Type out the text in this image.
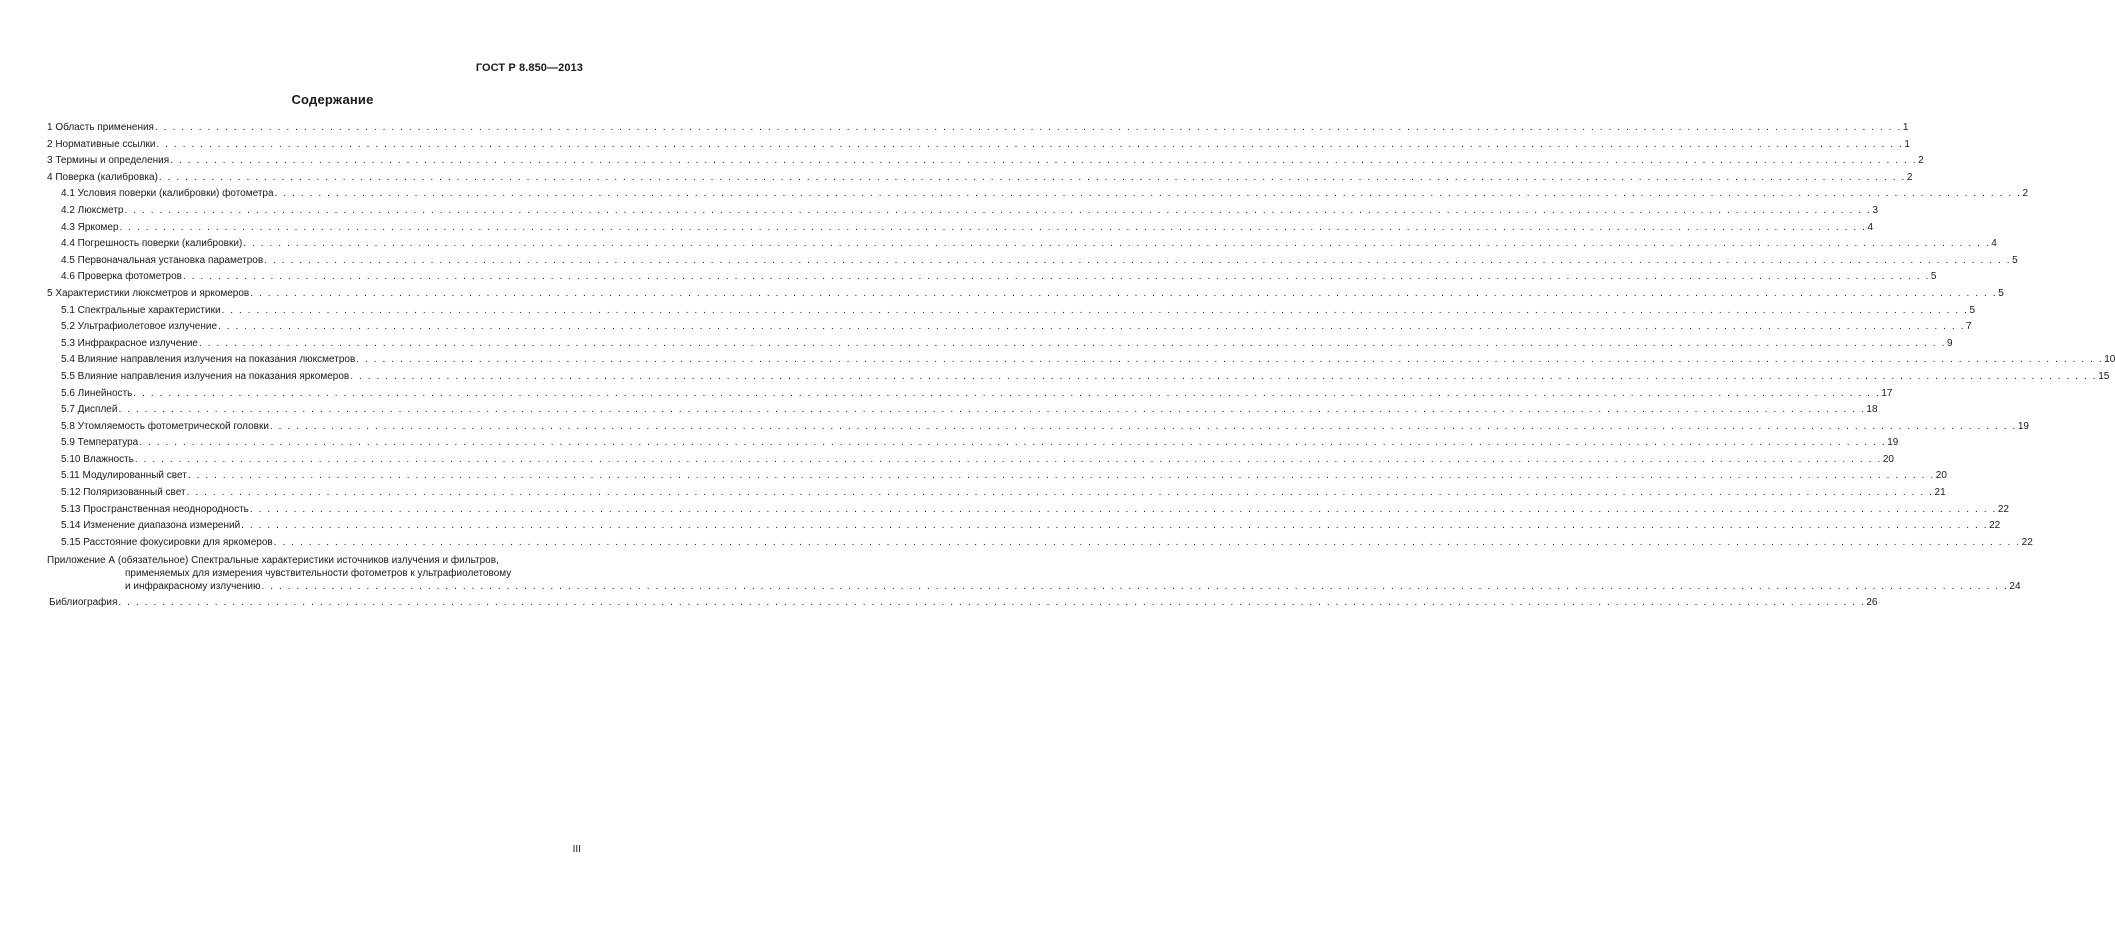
ГОСТ Р 8.850—2013
Содержание
1 Область применения . . . . . . . . . . . . . . . . . . . . . . . . . . . . . . . . . . . . . . . . . . . . . . . . . . . . . . . . . . . . . . . . . . . . . . . . . . . . . . . . . . . . . . . . . . . . . . . . . . . . . . . . . . . . . . . . . . . . . . . . . . . . . . . . . . . . . . . . . . . . . . . . . . . . . . . . . . . . . . . . . . . . . . . . . . . . . . . . . . . . . . . . . . . . . . . . . . . . . . . . 1
2 Нормативные ссылки . . . . . . . . . . . . . . . . . . . . . . . . . . . . . . . . . . . . . . . . . . . . . . . . . . . . . . . . . . . . . . . . . . . . . . . . . . . . . . . . . . . . . . . . . . . . . . . . . . . . . . . . . . . . . . . . . . . . . . . . . . . . . . . . . . . . . . . . . . . . . . . . . . . . . . . . . . . . . . . . . . . . . . . . . . . . . . . . . . . . . . . . . . . . . . . . . . . . . . . . 1
3 Термины и определения . . . . . . . . . . . . . . . . . . . . . . . . . . . . . . . . . . . . . . . . . . . . . . . . . . . . . . . . . . . . . . . . . . . . . . . . . . . . . . . . . . . . . . . . . . . . . . . . . . . . . . . . . . . . . . . . . . . . . . . . . . . . . . . . . . . . . . . . . . . . . . . . . . . . . . . . . . . . . . . . . . . . . . . . . . . . . . . . . . . . . . . . . . . . . . . . . . . . . . . . 2
4 Поверка (калибровка) . . . . . . . . . . . . . . . . . . . . . . . . . . . . . . . . . . . . . . . . . . . . . . . . . . . . . . . . . . . . . . . . . . . . . . . . . . . . . . . . . . . . . . . . . . . . . . . . . . . . . . . . . . . . . . . . . . . . . . . . . . . . . . . . . . . . . . . . . . . . . . . . . . . . . . . . . . . . . . . . . . . . . . . . . . . . . . . . . . . . . . . . . . . . . . . . . . . . . . . . 2
4.1 Условия поверки (калибровки) фотометра . . . . . . . . . . . . . . . . . . . . . . . . . . . . . . . . . . . . . . . . . . . . . . . . . . . . . . . . . . . . . . . . . . . . . . . . . . . . . . . . . . . . . . . . . . . . . . . . . . . . . . . . . . . . . . . . . . . . . . . . . . . . . . . . . . . . . . . . . . . . . . . . . . . . . . . . . . . . . . . . . . . . . . . . . . . . . . . . . . . . . . . . . . . . . . . . . . . . . . . . 2
4.2 Люксметр . . . . . . . . . . . . . . . . . . . . . . . . . . . . . . . . . . . . . . . . . . . . . . . . . . . . . . . . . . . . . . . . . . . . . . . . . . . . . . . . . . . . . . . . . . . . . . . . . . . . . . . . . . . . . . . . . . . . . . . . . . . . . . . . . . . . . . . . . . . . . . . . . . . . . . . . . . . . . . . . . . . . . . . . . . . . . . . . . . . . . . . . . . . . . . . . . . . . . . . . 3
4.3 Яркомер . . . . . . . . . . . . . . . . . . . . . . . . . . . . . . . . . . . . . . . . . . . . . . . . . . . . . . . . . . . . . . . . . . . . . . . . . . . . . . . . . . . . . . . . . . . . . . . . . . . . . . . . . . . . . . . . . . . . . . . . . . . . . . . . . . . . . . . . . . . . . . . . . . . . . . . . . . . . . . . . . . . . . . . . . . . . . . . . . . . . . . . . . . . . . . . . . . . . . . . . 4
4.4 Погрешность поверки (калибровки) . . . . . . . . . . . . . . . . . . . . . . . . . . . . . . . . . . . . . . . . . . . . . . . . . . . . . . . . . . . . . . . . . . . . . . . . . . . . . . . . . . . . . . . . . . . . . . . . . . . . . . . . . . . . . . . . . . . . . . . . . . . . . . . . . . . . . . . . . . . . . . . . . . . . . . . . . . . . . . . . . . . . . . . . . . . . . . . . . . . . . . . . . . . . . . . . . . . . . . . . 4
4.5 Первоначальная установка параметров . . . . . . . . . . . . . . . . . . . . . . . . . . . . . . . . . . . . . . . . . . . . . . . . . . . . . . . . . . . . . . . . . . . . . . . . . . . . . . . . . . . . . . . . . . . . . . . . . . . . . . . . . . . . . . . . . . . . . . . . . . . . . . . . . . . . . . . . . . . . . . . . . . . . . . . . . . . . . . . . . . . . . . . . . . . . . . . . . . . . . . . . . . . . . . . . . . . . . . . . 5
4.6 Проверка фотометров . . . . . . . . . . . . . . . . . . . . . . . . . . . . . . . . . . . . . . . . . . . . . . . . . . . . . . . . . . . . . . . . . . . . . . . . . . . . . . . . . . . . . . . . . . . . . . . . . . . . . . . . . . . . . . . . . . . . . . . . . . . . . . . . . . . . . . . . . . . . . . . . . . . . . . . . . . . . . . . . . . . . . . . . . . . . . . . . . . . . . . . . . . . . . . . . . . . . . . . . 5
5 Характеристики люксметров и яркомеров . . . . . . . . . . . . . . . . . . . . . . . . . . . . . . . . . . . . . . . . . . . . . . . . . . . . . . . . . . . . . . . . . . . . . . . . . . . . . . . . . . . . . . . . . . . . . . . . . . . . . . . . . . . . . . . . . . . . . . . . . . . . . . . . . . . . . . . . . . . . . . . . . . . . . . . . . . . . . . . . . . . . . . . . . . . . . . . . . . . . . . . . . . . . . . . . . . . . . . . . 5
5.1 Спектральные характеристики . . . . . . . . . . . . . . . . . . . . . . . . . . . . . . . . . . . . . . . . . . . . . . . . . . . . . . . . . . . . . . . . . . . . . . . . . . . . . . . . . . . . . . . . . . . . . . . . . . . . . . . . . . . . . . . . . . . . . . . . . . . . . . . . . . . . . . . . . . . . . . . . . . . . . . . . . . . . . . . . . . . . . . . . . . . . . . . . . . . . . . . . . . . . . . . . . . . . . . . . 5
5.2 Ультрафиолетовое излучение . . . . . . . . . . . . . . . . . . . . . . . . . . . . . . . . . . . . . . . . . . . . . . . . . . . . . . . . . . . . . . . . . . . . . . . . . . . . . . . . . . . . . . . . . . . . . . . . . . . . . . . . . . . . . . . . . . . . . . . . . . . . . . . . . . . . . . . . . . . . . . . . . . . . . . . . . . . . . . . . . . . . . . . . . . . . . . . . . . . . . . . . . . . . . . . . . . . . . . . . 7
5.3 Инфракрасное излучение . . . . . . . . . . . . . . . . . . . . . . . . . . . . . . . . . . . . . . . . . . . . . . . . . . . . . . . . . . . . . . . . . . . . . . . . . . . . . . . . . . . . . . . . . . . . . . . . . . . . . . . . . . . . . . . . . . . . . . . . . . . . . . . . . . . . . . . . . . . . . . . . . . . . . . . . . . . . . . . . . . . . . . . . . . . . . . . . . . . . . . . . . . . . . . . . . . . . . . . . 9
5.4 Влияние направления излучения на показания люксметров . . . . . . . . . . . . . . . . . . . . . . . . . . . . . . . . . . . . . . . . . . . . . . . . . . . . . . . . . . . . . . . . . . . . . . . . . . . . . . . . . . . . . . . . . . . . . . . . . . . . . . . . . . . . . . . . . . . . . . . . . . . . . . . . . . . . . . . . . . . . . . . . . . . . . . . . . . . . . . . . . . . . . . . . . . . . . . . . . . . . . . . . . . . . . . . . . . . . . . . . 10
5.5 Влияние направления излучения на показания яркомеров . . . . . . . . . . . . . . . . . . . . . . . . . . . . . . . . . . . . . . . . . . . . . . . . . . . . . . . . . . . . . . . . . . . . . . . . . . . . . . . . . . . . . . . . . . . . . . . . . . . . . . . . . . . . . . . . . . . . . . . . . . . . . . . . . . . . . . . . . . . . . . . . . . . . . . . . . . . . . . . . . . . . . . . . . . . . . . . . . . . . . . . . . . . . . . . . . . . . . . . . 15
5.6 Линейность . . . . . . . . . . . . . . . . . . . . . . . . . . . . . . . . . . . . . . . . . . . . . . . . . . . . . . . . . . . . . . . . . . . . . . . . . . . . . . . . . . . . . . . . . . . . . . . . . . . . . . . . . . . . . . . . . . . . . . . . . . . . . . . . . . . . . . . . . . . . . . . . . . . . . . . . . . . . . . . . . . . . . . . . . . . . . . . . . . . . . . . . . . . . . . . . . . . . . . . . 17
5.7 Дисплей . . . . . . . . . . . . . . . . . . . . . . . . . . . . . . . . . . . . . . . . . . . . . . . . . . . . . . . . . . . . . . . . . . . . . . . . . . . . . . . . . . . . . . . . . . . . . . . . . . . . . . . . . . . . . . . . . . . . . . . . . . . . . . . . . . . . . . . . . . . . . . . . . . . . . . . . . . . . . . . . . . . . . . . . . . . . . . . . . . . . . . . . . . . . . . . . . . . . . . . . 18
5.8 Утомляемость фотометрической головки . . . . . . . . . . . . . . . . . . . . . . . . . . . . . . . . . . . . . . . . . . . . . . . . . . . . . . . . . . . . . . . . . . . . . . . . . . . . . . . . . . . . . . . . . . . . . . . . . . . . . . . . . . . . . . . . . . . . . . . . . . . . . . . . . . . . . . . . . . . . . . . . . . . . . . . . . . . . . . . . . . . . . . . . . . . . . . . . . . . . . . . . . . . . . . . . . . . . . . . . 19
5.9 Температура . . . . . . . . . . . . . . . . . . . . . . . . . . . . . . . . . . . . . . . . . . . . . . . . . . . . . . . . . . . . . . . . . . . . . . . . . . . . . . . . . . . . . . . . . . . . . . . . . . . . . . . . . . . . . . . . . . . . . . . . . . . . . . . . . . . . . . . . . . . . . . . . . . . . . . . . . . . . . . . . . . . . . . . . . . . . . . . . . . . . . . . . . . . . . . . . . . . . . . . . 19
5.10 Влажность . . . . . . . . . . . . . . . . . . . . . . . . . . . . . . . . . . . . . . . . . . . . . . . . . . . . . . . . . . . . . . . . . . . . . . . . . . . . . . . . . . . . . . . . . . . . . . . . . . . . . . . . . . . . . . . . . . . . . . . . . . . . . . . . . . . . . . . . . . . . . . . . . . . . . . . . . . . . . . . . . . . . . . . . . . . . . . . . . . . . . . . . . . . . . . . . . . . . . . . . 20
5.11 Модулированный свет . . . . . . . . . . . . . . . . . . . . . . . . . . . . . . . . . . . . . . . . . . . . . . . . . . . . . . . . . . . . . . . . . . . . . . . . . . . . . . . . . . . . . . . . . . . . . . . . . . . . . . . . . . . . . . . . . . . . . . . . . . . . . . . . . . . . . . . . . . . . . . . . . . . . . . . . . . . . . . . . . . . . . . . . . . . . . . . . . . . . . . . . . . . . . . . . . . . . . . . . 20
5.12 Поляризованный свет . . . . . . . . . . . . . . . . . . . . . . . . . . . . . . . . . . . . . . . . . . . . . . . . . . . . . . . . . . . . . . . . . . . . . . . . . . . . . . . . . . . . . . . . . . . . . . . . . . . . . . . . . . . . . . . . . . . . . . . . . . . . . . . . . . . . . . . . . . . . . . . . . . . . . . . . . . . . . . . . . . . . . . . . . . . . . . . . . . . . . . . . . . . . . . . . . . . . . . . . 21
5.13 Пространственная неоднородность . . . . . . . . . . . . . . . . . . . . . . . . . . . . . . . . . . . . . . . . . . . . . . . . . . . . . . . . . . . . . . . . . . . . . . . . . . . . . . . . . . . . . . . . . . . . . . . . . . . . . . . . . . . . . . . . . . . . . . . . . . . . . . . . . . . . . . . . . . . . . . . . . . . . . . . . . . . . . . . . . . . . . . . . . . . . . . . . . . . . . . . . . . . . . . . . . . . . . . . . 22
5.14 Изменение диапазона измерений . . . . . . . . . . . . . . . . . . . . . . . . . . . . . . . . . . . . . . . . . . . . . . . . . . . . . . . . . . . . . . . . . . . . . . . . . . . . . . . . . . . . . . . . . . . . . . . . . . . . . . . . . . . . . . . . . . . . . . . . . . . . . . . . . . . . . . . . . . . . . . . . . . . . . . . . . . . . . . . . . . . . . . . . . . . . . . . . . . . . . . . . . . . . . . . . . . . . . . . . 22
5.15 Расстояние фокусировки для яркомеров . . . . . . . . . . . . . . . . . . . . . . . . . . . . . . . . . . . . . . . . . . . . . . . . . . . . . . . . . . . . . . . . . . . . . . . . . . . . . . . . . . . . . . . . . . . . . . . . . . . . . . . . . . . . . . . . . . . . . . . . . . . . . . . . . . . . . . . . . . . . . . . . . . . . . . . . . . . . . . . . . . . . . . . . . . . . . . . . . . . . . . . . . . . . . . . . . . . . . . . . 22
Приложение А (обязательное) Спектральные характеристики источников излучения и фильтров,
применяемых для измерения чувствительности фотометров к ультрафиолетовому
и инфракрасному излучению . . . . . . . . . . . . . . . . . . . . . . . . . . . . . . . . . . . . . . . . . . . . . . . . . . . . . . . . . . . . . . . . . . . . . . . . . . . . . . . . . . . . . . . . . . . . . . . . . . . . . . . . . . . . . . . . . . . . . . . . . . . . . . . . . . . . . . . . . . . . . . . . . . . . . . . . . . . . . . . . . . . . . . . . . . . . . . . . . . . . . . . . . . . . . . . . . . . . . . . . 24
Библиография . . . . . . . . . . . . . . . . . . . . . . . . . . . . . . . . . . . . . . . . . . . . . . . . . . . . . . . . . . . . . . . . . . . . . . . . . . . . . . . . . . . . . . . . . . . . . . . . . . . . . . . . . . . . . . . . . . . . . . . . . . . . . . . . . . . . . . . . . . . . . . . . . . . . . . . . . . . . . . . . . . . . . . . . . . . . . . . . . . . . . . . . . . . . . . . . . . . . . . . . 26
III
